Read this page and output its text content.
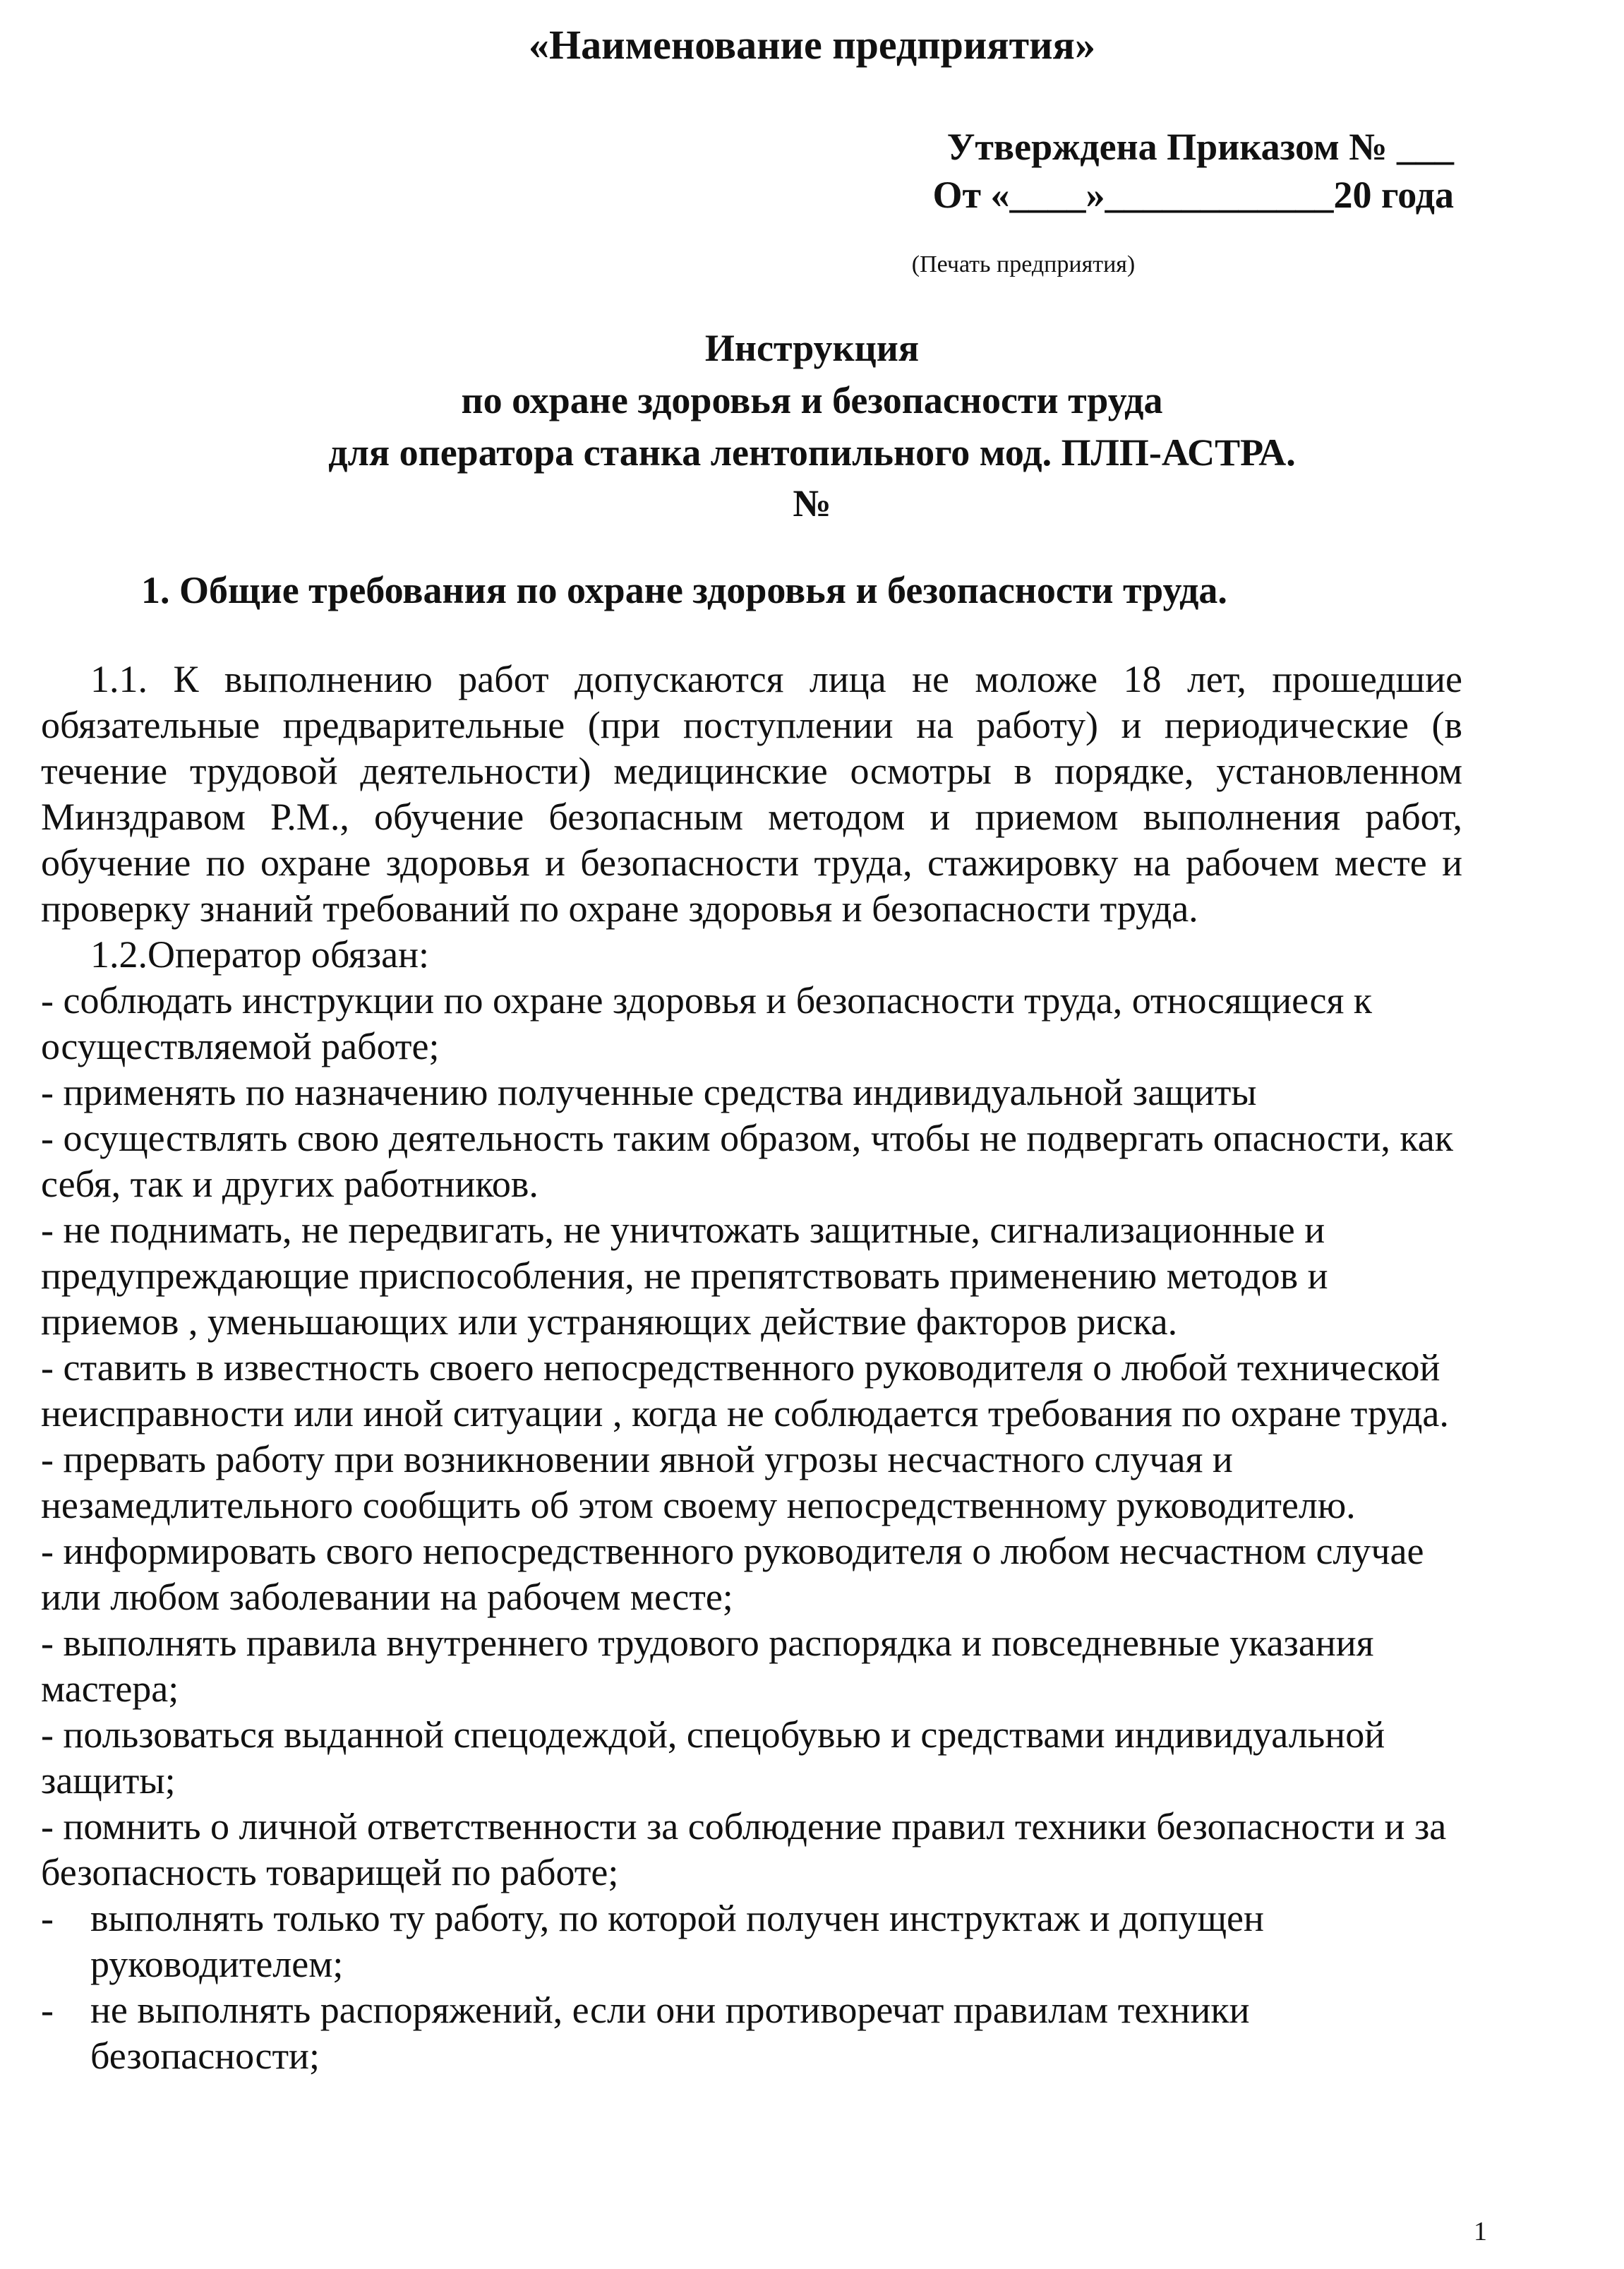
«Наименование предприятия»
Утверждена Приказом № ___
От «____»____________20 года
(Печать предприятия)
Инструкция
по охране здоровья и безопасности труда
для оператора станка лентопильного мод. ПЛП-АСТРА.
№
1. Общие требования по охране здоровья и безопасности труда.
1.1. К выполнению работ допускаются лица не моложе 18 лет, прошедшие обязательные предварительные (при поступлении на работу) и периодические (в течение трудовой деятельности) медицинские осмотры в порядке, установленном Минздравом Р.М., обучение безопасным методом и приемом выполнения работ, обучение по охране здоровья и безопасности труда, стажировку на рабочем месте и проверку знаний требований по охране здоровья и безопасности труда.
1.2.Оператор обязан:

- соблюдать инструкции по охране здоровья и безопасности труда, относящиеся к осуществляемой работе;

- применять по назначению полученные средства индивидуальной защиты

- осуществлять свою деятельность таким образом, чтобы не подвергать опасности, как себя, так и других работников.

- не поднимать, не передвигать, не уничтожать защитные, сигнализационные и предупреждающие приспособления, не препятствовать применению методов и приемов , уменьшающих или устраняющих действие факторов риска.

- ставить в известность своего непосредственного руководителя о любой технической неисправности или иной ситуации , когда не соблюдается требования по охране труда.

- прервать работу при возникновении явной угрозы несчастного случая и незамедлительного сообщить об этом своему непосредственному руководителю.

- информировать свого непосредственного руководителя о любом несчастном случае или любом заболевании на рабочем месте;

- выполнять правила внутреннего трудового распорядка и повседневные указания мастера;

- пользоваться выданной спецодеждой, спецобувью и средствами индивидуальной защиты;

- помнить о личной ответственности за соблюдение правил техники безопасности и за безопасность товарищей по работе;

- выполнять только ту работу, по которой получен инструктаж и допущен руководителем;

- не выполнять распоряжений, если они противоречат правилам техники безопасности;

1
